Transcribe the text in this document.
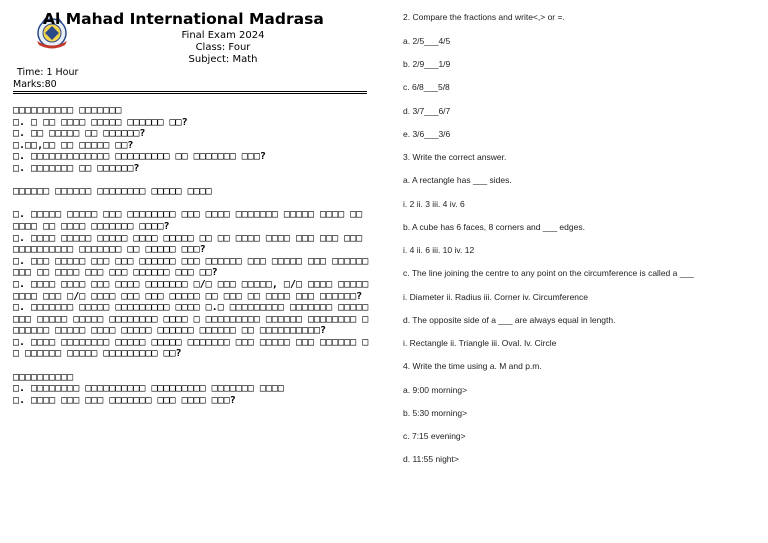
Al Mahad International Madrasa
Final Exam 2024
Class: Four
Subject: Math
Time: 1 Hour
Marks:80
□□□□□□□□□□ □□□□□□□
□. □ □□ □□□□ □□□□□ □□□□□□ □□?
□. □□ □□□□□ □□ □□□□□□?
□.□□,□□ □□ □□□□□ □□?
□. □□□□□□□□□□□□□ □□□□□□□□□ □□ □□□□□□□ □□□?
□. □□□□□□□ □□ □□□□□□?
□□□□□□ □□□□□□ □□□□□□□□ □□□□□ □□□□
□. □□□□□ □□□□□ □□□ □□□□□□□□ □□□ □□□□ □□□□□□□ □□□□□ □□□□ □□ □□□□ □□ □□□□ □□□□□□□ □□□□?
□. □□□□ □□□□□ □□□□□ □□□□ □□□□□ □□ □□ □□□□ □□□□ □□□ □□□ □□□ □□□□□□□□□□ □□□□□□□ □□ □□□□□ □□□?
□. □□□ □□□□□ □□□ □□□ □□□□□□ □□□ □□□□□□ □□□ □□□□□ □□□ □□□□□□ □□□ □□ □□□□ □□□ □□□ □□□□□□ □□□ □□?
□. □□□□ □□□□ □□□ □□□□ □□□□□□□ □/□ □□□ □□□□□, □/□ □□□□ □□□□□□□□□ □□□ □/□ □□□□ □□□ □□□ □□□□□ □□ □□□ □□ □□□□ □□□ □□□□□□?
□. □□□□□□□ □□□□□ □□□□□□□□□ □□□□ □.□ □□□□□□□□□ □□□□□□□ □□□□□□□□ □□□□□ □□□□□ □□□□□□□□ □□□□ □ □□□□□□□□□ □□□□□□ □□□□□□□□ □□□□□□□ □□□□□ □□□□ □□□□□ □□□□□□ □□□□□□ □□ □□□□□□□□□□?
□. □□□□ □□□□□□□□ □□□□□ □□□□□ □□□□□□□ □□□ □□□□□ □□□ □□□□□□ □□ □□□□□□ □□□□□ □□□□□□□□□ □□?
□□□□□□□□□□
□. □□□□□□□□ □□□□□□□□□□ □□□□□□□□□ □□□□□□□ □□□□
□. □□□□ □□□ □□□ □□□□□□□ □□□ □□□□ □□□?
2. Compare the fractions and write<,> or =.
a. 2/5___4/5
b. 2/9___1/9
c. 6/8___5/8
d. 3/7___6/7
e. 3/6___3/6
3. Write the correct answer.
a. A rectangle has ___ sides.
i. 2 ii. 3 iii. 4 iv. 6
b. A cube has 6 faces, 8 corners and ___ edges.
i. 4 ii. 6 iii. 10 iv. 12
c. The line joining the centre to any point on the circumference is called a ___
i. Diameter ii. Radius iii. Corner iv. Circumference
d. The opposite side of a ___ are always equal in length.
i. Rectangle ii. Triangle iii. Oval. Iv. Circle
4. Write the time using a. M and p.m.
a. 9:00 morning>
b. 5:30 morning>
c. 7:15 evening>
d. 11:55 night>
